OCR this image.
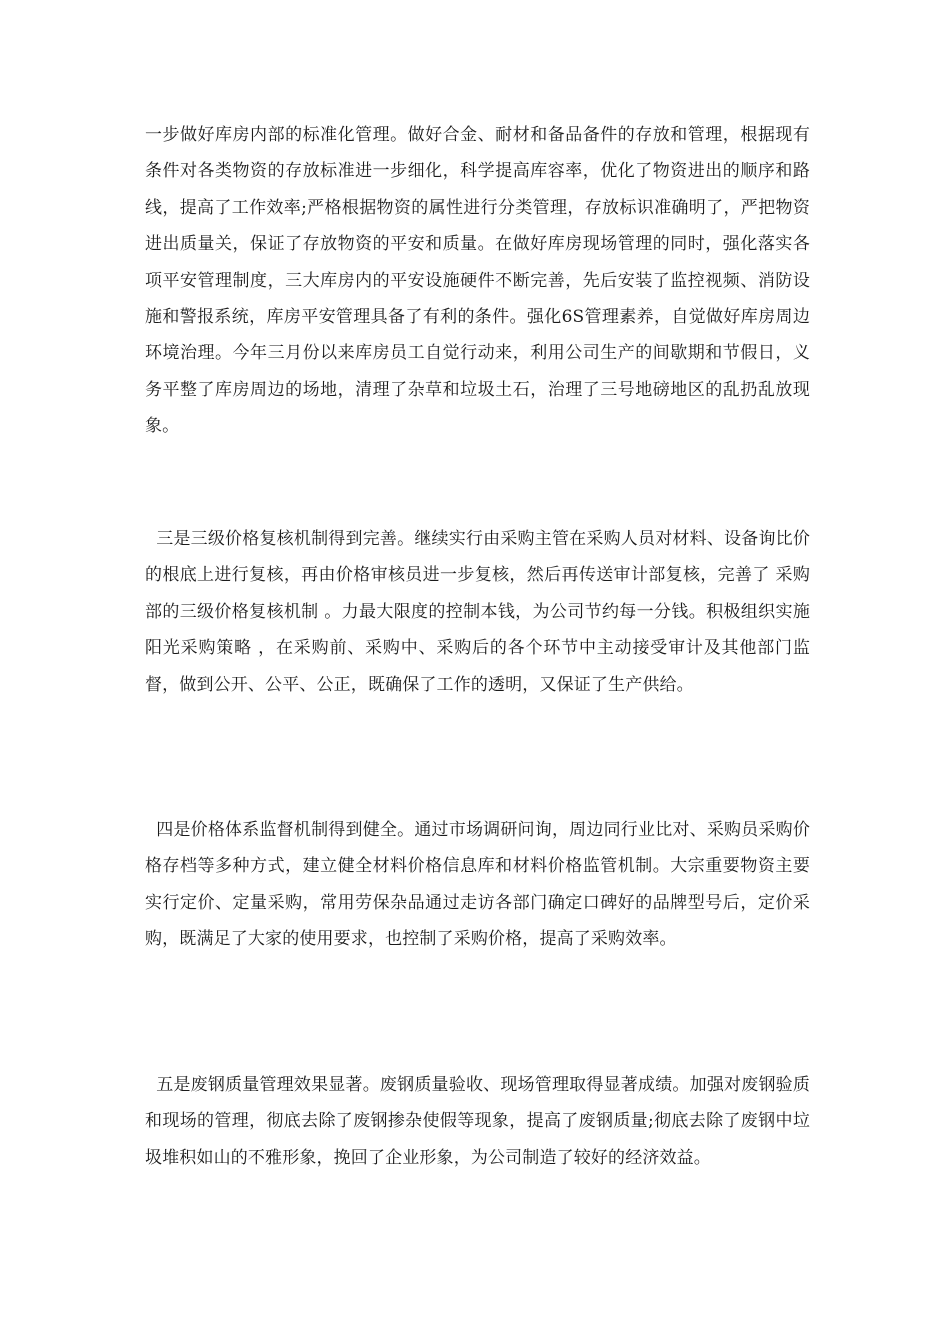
一步做好库房内部的标准化管理。做好合金、耐材和备品备件的存放和管理，根据现有条件对各类物资的存放标准进一步细化，科学提高库容率，优化了物资进出的顺序和路线，提高了工作效率;严格根据物资的属性进行分类管理，存放标识准确明了，严把物资进出质量关，保证了存放物资的平安和质量。在做好库房现场管理的同时，强化落实各项平安管理制度，三大库房内的平安设施硬件不断完善，先后安装了监控视频、消防设施和警报系统，库房平安管理具备了有利的条件。强化6S管理素养，自觉做好库房周边环境治理。今年三月份以来库房员工自觉行动来，利用公司生产的间歇期和节假日，义务平整了库房周边的场地，清理了杂草和垃圾土石，治理了三号地磅地区的乱扔乱放现象。

三是三级价格复核机制得到完善。继续实行由采购主管在采购人员对材料、设备询比价的根底上进行复核，再由价格审核员进一步复核，然后再传送审计部复核，完善了 采购部的三级价格复核机制 。力最大限度的控制本钱，为公司节约每一分钱。积极组织实施 阳光采购策略 ，在采购前、采购中、采购后的各个环节中主动接受审计及其他部门监督，做到公开、公平、公正，既确保了工作的透明，又保证了生产供给。

四是价格体系监督机制得到健全。通过市场调研问询，周边同行业比对、采购员采购价格存档等多种方式，建立健全材料价格信息库和材料价格监管机制。大宗重要物资主要实行定价、定量采购，常用劳保杂品通过走访各部门确定口碑好的品牌型号后，定价采购，既满足了大家的使用要求，也控制了采购价格，提高了采购效率。

五是废钢质量管理效果显著。废钢质量验收、现场管理取得显著成绩。加强对废钢验质和现场的管理，彻底去除了废钢掺杂使假等现象，提高了废钢质量;彻底去除了废钢中垃圾堆积如山的不雅形象，挽回了企业形象，为公司制造了较好的经济效益。
